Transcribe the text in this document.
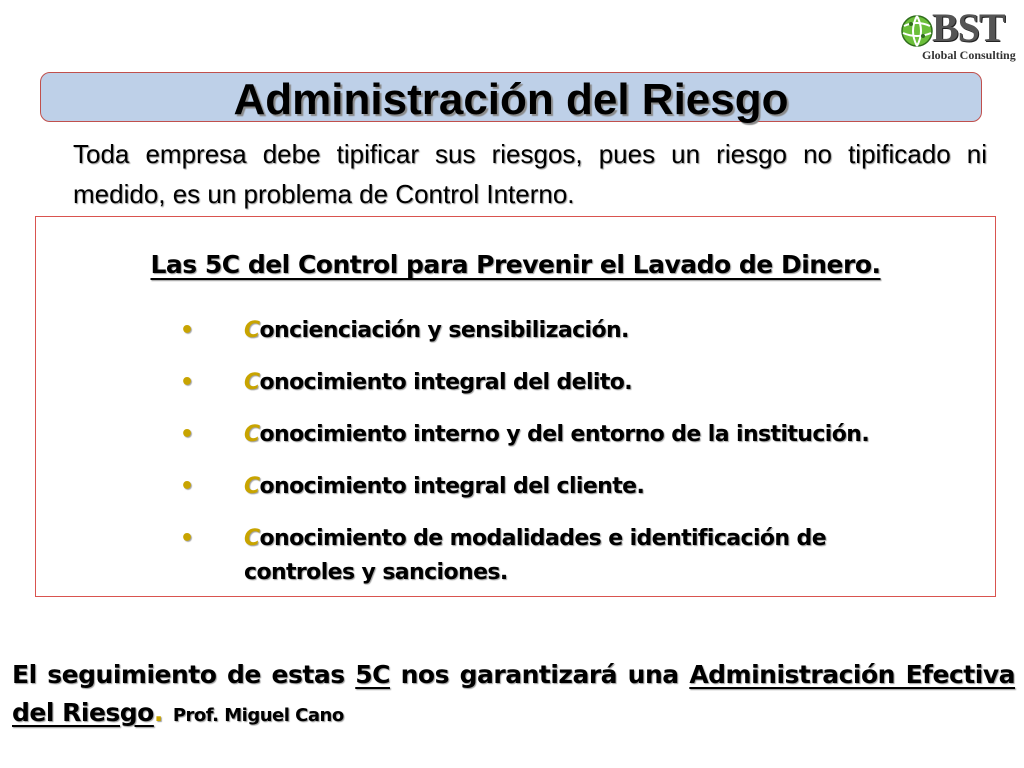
BST
Global Consulting
Administración del Riesgo
Toda empresa debe tipificar sus riesgos, pues un riesgo no tipificado ni medido, es un problema de Control Interno.
Las 5C del Control para Prevenir el Lavado de Dinero.
• Concienciación y sensibilización.
• Conocimiento integral del delito.
• Conocimiento interno y del entorno de la institución.
• Conocimiento integral del cliente.
• Conocimiento de modalidades e identificación de controles y sanciones.
El seguimiento de estas 5C nos garantizará una Administración Efectiva del Riesgo. Prof. Miguel Cano
